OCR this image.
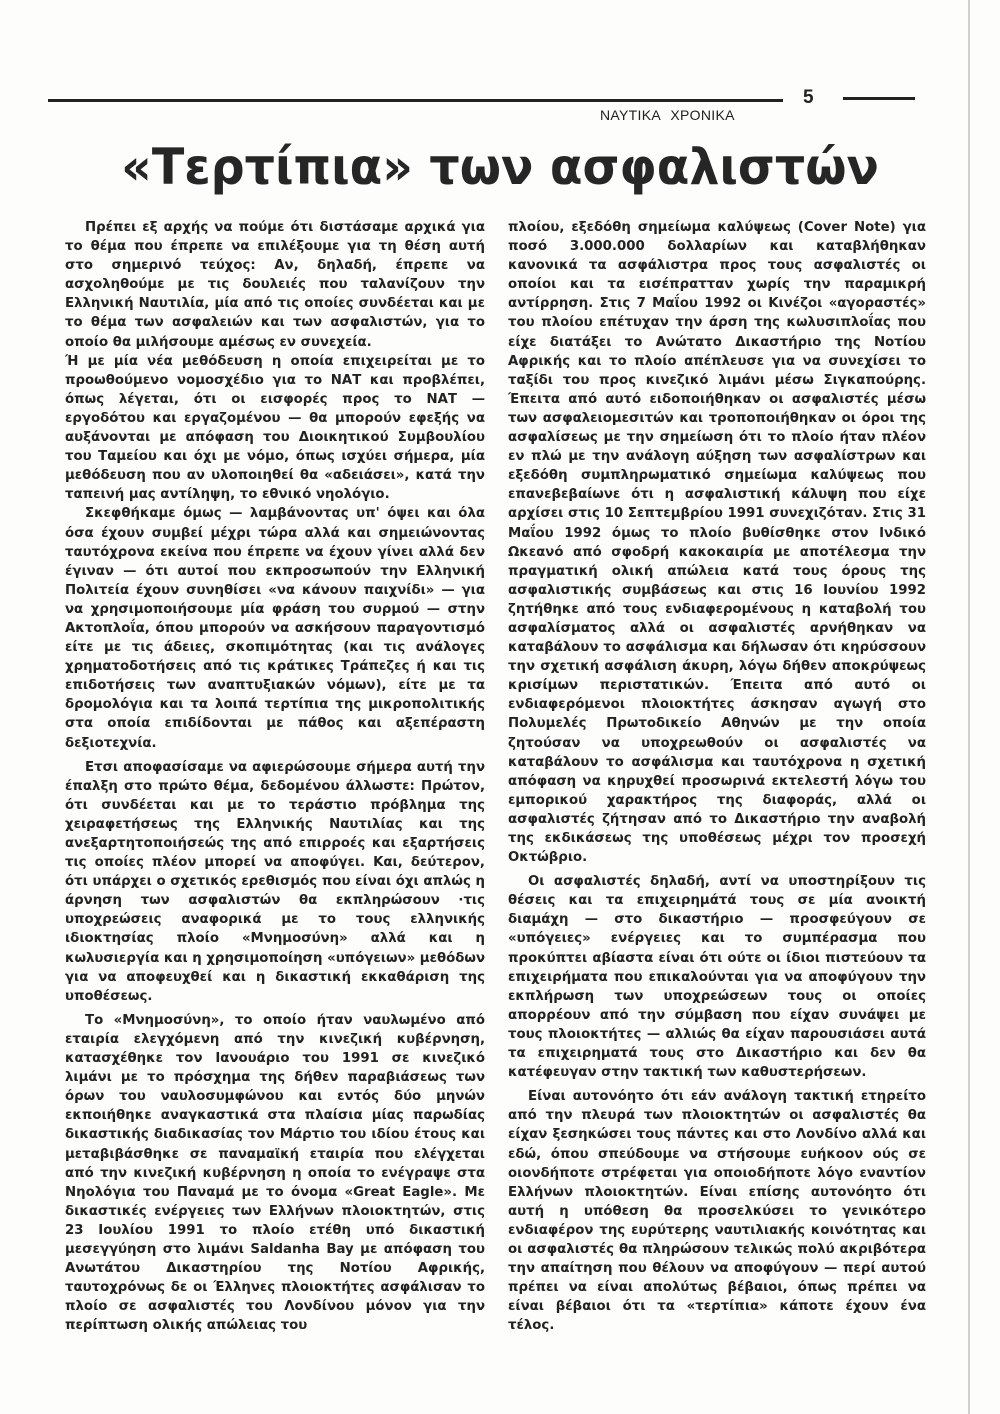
5
ΝΑΥΤΙΚΑ ΧΡΟΝΙΚΑ
«Τερτίπια» των ασφαλιστών

Πρέπει εξ αρχής να πούμε ότι διστάσαμε αρχικά για το θέμα που έπρεπε να επιλέξουμε για τη θέση αυτή στο σημερινό τεύχος: Αν, δηλαδή, έπρεπε να ασχοληθούμε με τις δουλειές που ταλανίζουν την Ελληνική Ναυτιλία, μία από τις οποίες συνδέεται και με το θέμα των ασφαλειών και των ασφαλιστών, για το οποίο θα μιλήσουμε αμέσως εν συνεχεία.

Ή με μία νέα μεθόδευση η οποία επιχειρείται με το προωθούμενο νομοσχέδιο για το ΝΑΤ και προβλέπει, όπως λέγεται, ότι οι εισφορές προς το ΝΑΤ — εργοδότου και εργαζομένου — θα μπορούν εφεξής να αυξάνονται με απόφαση του Διοικητικού Συμβουλίου του Ταμείου και όχι με νόμο, όπως ισχύει σήμερα, μία μεθόδευση που αν υλοποιηθεί θα «αδειάσει», κατά την ταπεινή μας αντίληψη, το εθνικό νηολόγιο.

Σκεφθήκαμε όμως — λαμβάνοντας υπ' όψει και όλα όσα έχουν συμβεί μέχρι τώρα αλλά και σημειώνοντας ταυτόχρονα εκείνα που έπρεπε να έχουν γίνει αλλά δεν έγιναν — ότι αυτοί που εκπροσωπούν την Ελληνική Πολιτεία έχουν συνηθίσει «να κάνουν παιχνίδι» — για να χρησιμοποιήσουμε μία φράση του συρμού — στην Ακτοπλοΐα, όπου μπορούν να ασκήσουν παραγοντισμό είτε με τις άδειες, σκοπιμότητας (και τις ανάλογες χρηματοδοτήσεις από τις κράτικες Τράπεζες ή και τις επιδοτήσεις των αναπτυξιακών νόμων), είτε με τα δρομολόγια και τα λοιπά τερτίπια της μικροπολιτικής στα οποία επιδίδονται με πάθος και αξεπέραστη δεξιοτεχνία.

Ετσι αποφασίσαμε να αφιερώσουμε σήμερα αυτή την έπαλξη στο πρώτο θέμα, δεδομένου άλλωστε: Πρώτον, ότι συνδέεται και με το τεράστιο πρόβλημα της χειραφετήσεως της Ελληνικής Ναυτιλίας και της ανεξαρτητοποιήσεώς της από επιρροές και εξαρτήσεις τις οποίες πλέον μπορεί να αποφύγει. Και, δεύτερον, ότι υπάρχει ο σχετικός ερεθισμός που είναι όχι απλώς η άρνηση των ασφαλιστών θα εκπληρώσουν ·τις υποχρεώσεις αναφορικά με το τους ελληνικής ιδιοκτησίας πλοίο «Μνημοσύνη» αλλά και η κωλυσιεργία και η χρησιμοποίηση «υπόγειων» μεθόδων για να αποφευχθεί και η δικαστική εκκαθάριση της υποθέσεως.

Το «Μνημοσύνη», το οποίο ήταν ναυλωμένο από εταιρία ελεγχόμενη από την κινεζική κυβέρνηση, κατασχέθηκε τον Ιανουάριο του 1991 σε κινεζικό λιμάνι με το πρόσχημα της δήθεν παραβιάσεως των όρων του ναυλοσυμφώνου και εντός δύο μηνών εκποιήθηκε αναγκαστικά στα πλαίσια μίας παρωδίας δικαστικής διαδικασίας τον Μάρτιο του ιδίου έτους και μεταβιβάσθηκε σε παναμαϊκή εταιρία που ελέγχεται από την κινεζική κυβέρνηση η οποία το ενέγραψε στα Νηολόγια του Παναμά με το όνομα «Great Eagle». Με δικαστικές ενέργειες των Ελλήνων πλοιοκτητών, στις 23 Ιουλίου 1991 το πλοίο ετέθη υπό δικαστική μεσεγγύηση στο λιμάνι Saldanha Bay με απόφαση του Ανωτάτου Δικαστηρίου της Νοτίου Αφρικής, ταυτοχρόνως δε οι Έλληνες πλοιοκτήτες ασφάλισαν το πλοίο σε ασφαλιστές του Λονδίνου μόνον για την περίπτωση ολικής απώλειας του

πλοίου, εξεδόθη σημείωμα καλύψεως (Cover Note) για ποσό 3.000.000 δολλαρίων και καταβλήθηκαν κανονικά τα ασφάλιστρα προς τους ασφαλιστές οι οποίοι και τα εισέπρατταν χωρίς την παραμικρή αντίρρηση. Στις 7 Μαΐου 1992 οι Κινέζοι «αγοραστές» του πλοίου επέτυχαν την άρση της κωλυσιπλοΐας που είχε διατάξει το Ανώτατο Δικαστήριο της Νοτίου Αφρικής και το πλοίο απέπλευσε για να συνεχίσει το ταξίδι του προς κινεζικό λιμάνι μέσω Σιγκαπούρης. Έπειτα από αυτό ειδοποιήθηκαν οι ασφαλιστές μέσω των ασφαλειομεσιτών και τροποποιήθηκαν οι όροι της ασφαλίσεως με την σημείωση ότι το πλοίο ήταν πλέον εν πλώ με την ανάλογη αύξηση των ασφαλίστρων και εξεδόθη συμπληρωματικό σημείωμα καλύψεως που επανεβεβαίωνε ότι η ασφαλιστική κάλυψη που είχε αρχίσει στις 10 Σεπτεμβρίου 1991 συνεχιζόταν. Στις 31 Μαΐου 1992 όμως το πλοίο βυθίσθηκε στον Ινδικό Ωκεανό από σφοδρή κακοκαιρία με αποτέλεσμα την πραγματική ολική απώλεια κατά τους όρους της ασφαλιστικής συμβάσεως και στις 16 Ιουνίου 1992 ζητήθηκε από τους ενδιαφερομένους η καταβολή του ασφαλίσματος αλλά οι ασφαλιστές αρνήθηκαν να καταβάλουν το ασφάλισμα και δήλωσαν ότι κηρύσσουν την σχετική ασφάλιση άκυρη, λόγω δήθεν αποκρύψεως κρισίμων περιστατικών. Έπειτα από αυτό οι ενδιαφερόμενοι πλοιοκτήτες άσκησαν αγωγή στο Πολυμελές Πρωτοδικείο Αθηνών με την οποία ζητούσαν να υποχρεωθούν οι ασφαλιστές να καταβάλουν το ασφάλισμα και ταυτόχρονα η σχετική απόφαση να κηρυχθεί προσωρινά εκτελεστή λόγω του εμπορικού χαρακτήρος της διαφοράς, αλλά οι ασφαλιστές ζήτησαν από το Δικαστήριο την αναβολή της εκδικάσεως της υποθέσεως μέχρι τον προσεχή Οκτώβριο.

Οι ασφαλιστές δηλαδή, αντί να υποστηρίξουν τις θέσεις και τα επιχειρημάτά τους σε μία ανοικτή διαμάχη — στο δικαστήριο — προσφεύγουν σε «υπόγειες» ενέργειες και το συμπέρασμα που προκύπτει αβίαστα είναι ότι ούτε οι ίδιοι πιστεύουν τα επιχειρήματα που επικαλούνται για να αποφύγουν την εκπλήρωση των υποχρεώσεων τους οι οποίες απορρέουν από την σύμβαση που είχαν συνάψει με τους πλοιοκτήτες — αλλιώς θα είχαν παρουσιάσει αυτά τα επιχειρηματά τους στο Δικαστήριο και δεν θα κατέφευγαν στην τακτική των καθυστερήσεων.

Είναι αυτονόητο ότι εάν ανάλογη τακτική ετηρείτο από την πλευρά των πλοιοκτητών οι ασφαλιστές θα είχαν ξεσηκώσει τους πάντες και στο Λονδίνο αλλά και εδώ, όπου σπεύδουμε να στήσουμε ευήκοον ούς σε οιονδήποτε στρέφεται για οποιοδήποτε λόγο εναντίον Ελλήνων πλοιοκτητών. Είναι επίσης αυτονόητο ότι αυτή η υπόθεση θα προσελκύσει το γενικότερο ενδιαφέρον της ευρύτερης ναυτιλιακής κοινότητας και οι ασφαλιστές θα πληρώσουν τελικώς πολύ ακριβότερα την απαίτηση που θέλουν να αποφύγουν — περί αυτού πρέπει να είναι απολύτως βέβαιοι, όπως πρέπει να είναι βέβαιοι ότι τα «τερτίπια» κάποτε έχουν ένα τέλος.
